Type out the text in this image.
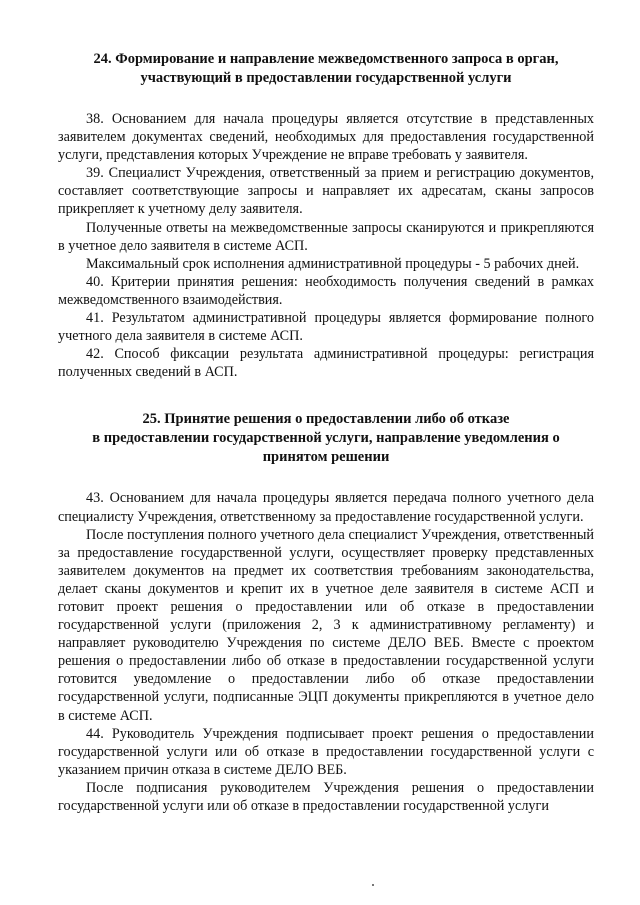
24. Формирование и направление межведомственного запроса в орган,
участвующий в предоставлении государственной услуги

38. Основанием для начала процедуры является отсутствие в представленных заявителем документах сведений, необходимых для предоставления государственной услуги, представления которых Учреждение не вправе требовать у заявителя.

39. Специалист Учреждения, ответственный за прием и регистрацию документов, составляет соответствующие запросы и направляет их адресатам, сканы запросов прикрепляет к учетному делу заявителя.

Полученные ответы на межведомственные запросы сканируются и прикрепляются в учетное дело заявителя в системе АСП.

Максимальный срок исполнения административной процедуры - 5 рабочих дней.

40. Критерии принятия решения: необходимость получения сведений в рамках межведомственного взаимодействия.

41. Результатом административной процедуры является формирование полного учетного дела заявителя в системе АСП.

42. Способ фиксации результата административной процедуры: регистрация полученных сведений в АСП.

25. Принятие решения о предоставлении либо об отказе
в предоставлении государственной услуги, направление уведомления о
принятом решении

43. Основанием для начала процедуры является передача полного учетного дела специалисту Учреждения, ответственному за предоставление государственной услуги.

После поступления полного учетного дела специалист Учреждения, ответственный за предоставление государственной услуги, осуществляет проверку представленных заявителем документов на предмет их соответствия требованиям законодательства, делает сканы документов и крепит их в учетное деле заявителя в системе АСП и готовит проект решения о предоставлении или об отказе в предоставлении государственной услуги (приложения 2, 3 к административному регламенту) и направляет руководителю Учреждения по системе ДЕЛО ВЕБ. Вместе с проектом решения о предоставлении либо об отказе в предоставлении государственной услуги готовится уведомление о предоставлении либо об отказе предоставлении государственной услуги, подписанные ЭЦП документы прикрепляются в учетное дело в системе АСП.

44. Руководитель Учреждения подписывает проект решения о предоставлении государственной услуги или об отказе в предоставлении государственной услуги с указанием причин отказа в системе ДЕЛО ВЕБ.

После подписания руководителем Учреждения решения о предоставлении государственной услуги или об отказе в предоставлении государственной услуги
